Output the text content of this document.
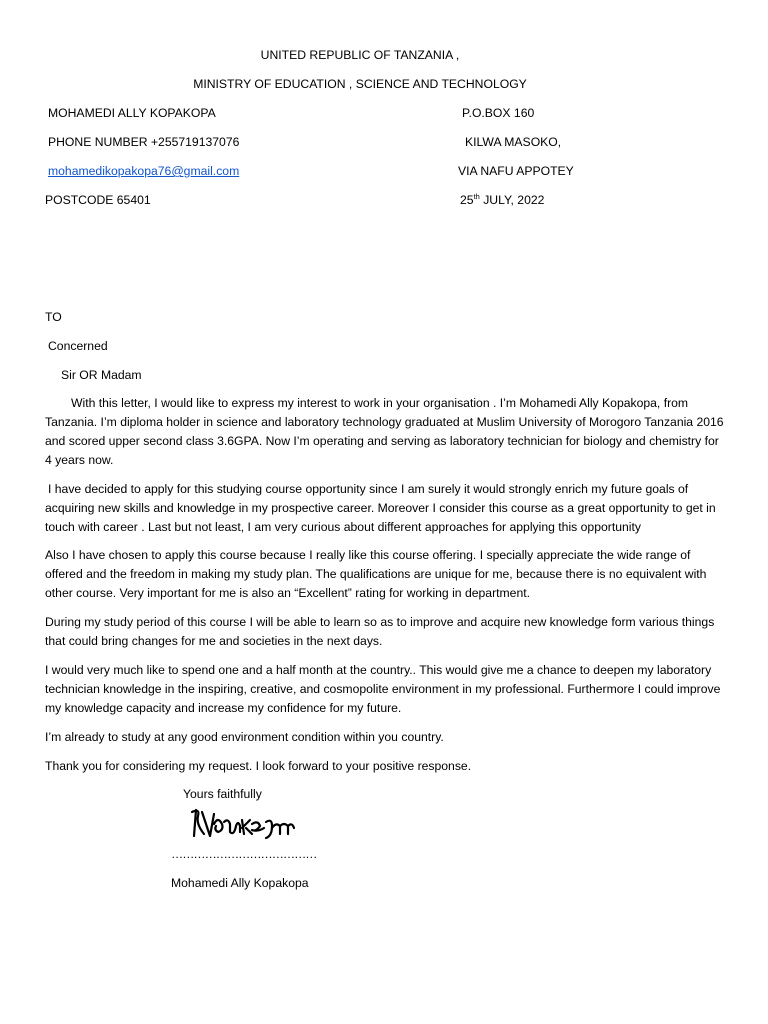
UNITED REPUBLIC OF TANZANIA ,
MINISTRY OF EDUCATION , SCIENCE AND TECHNOLOGY
MOHAMEDI ALLY KOPAKOPA
PHONE NUMBER +255719137076
mohamedikopakopa76@gmail.com
POSTCODE 65401
P.O.BOX 160
KILWA MASOKO,
VIA NAFU APPOTEY
25th JULY, 2022
TO
Concerned
Sir OR Madam
With this letter, I would like to express my interest to work in your organisation . I’m Mohamedi Ally Kopakopa, from Tanzania. I’m diploma holder in science and laboratory technology graduated at Muslim University of Morogoro Tanzania 2016 and scored upper second class 3.6GPA. Now I’m operating and serving as laboratory technician for biology and chemistry for 4 years now.
I have decided to apply for this studying course opportunity since I am surely it would strongly enrich my future goals of acquiring new skills and knowledge in my prospective career. Moreover I consider this course as a great opportunity to get in touch with career . Last but not least, I am very curious about different approaches for applying this opportunity
Also I have chosen to apply this course because I really like this course offering. I specially appreciate the wide range of offered and the freedom in making my study plan. The qualifications are unique for me, because there is no equivalent with other course. Very important for me is also an “Excellent” rating for working in department.
During my study period of this course I will be able to learn so as to improve and acquire new knowledge form various things that could bring changes for me and societies in the next days.
I would very much like to spend one and a half month at the country.. This would give me a chance to deepen my laboratory technician knowledge in the inspiring, creative, and cosmopolite environment in my professional. Furthermore I could improve my knowledge capacity and increase my confidence for my future.
I’m already to study at any good environment condition within you country.
Thank you for considering my request. I look forward to your positive response.
Yours faithfully
…………………………………
Mohamedi Ally Kopakopa
